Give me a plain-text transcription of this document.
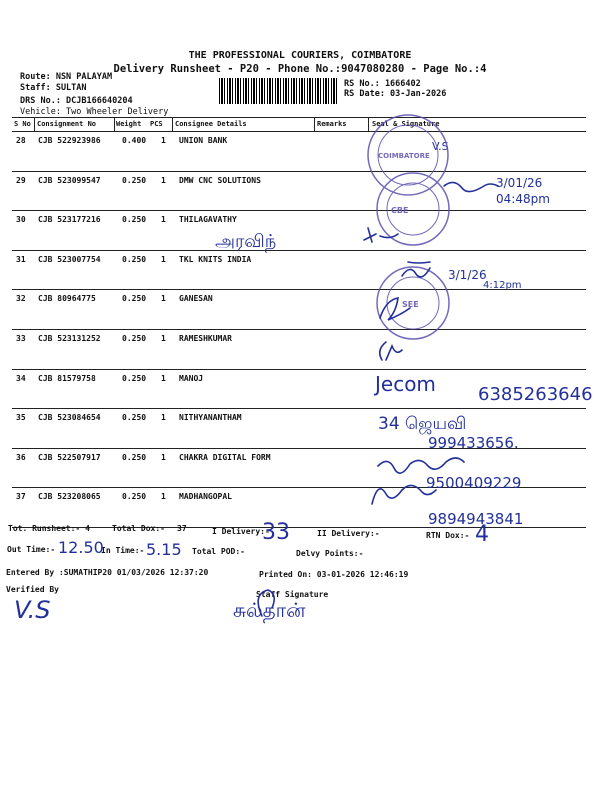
THE PROFESSIONAL COURIERS, COIMBATORE
Delivery Runsheet - P20 - Phone No.:9047080280 - Page No.:4
Route: NSN PALAYAM
Staff: SULTAN
DRS No.: DCJB166640204
Vehicle: Two Wheeler Delivery
RS No.: 1666402
RS Date: 03-Jan-2026
S No Consignment No	Weight PCS Consignee Details	Remarks	Seal & Signature
28 CJB 522923986	0.400 1 UNION BANK
29 CJB 523099547	0.250 1 DMW CNC SOLUTIONS
30 CJB 523177216	0.250 1 THILAGAVATHY
31 CJB 523007754	0.250 1 TKL KNITS INDIA
32 CJB 80964775	0.250 1 GANESAN
33 CJB 523131252	0.250 1 RAMESHKUMAR
34 CJB 81579758	0.250 1 MANOJ
35 CJB 523084654	0.250 1 NITHYANANTHAM
36 CJB 522507917	0.250 1 CHAKRA DIGITAL FORM
37 CJB 523208065	0.250 1 MADHANGOPAL
Tot. Runsheet:- 4	Total Dox:- 37	I Delivery:-	II Delivery:-	RTN Dox:-
Out Time:-	In Time:-	Total POD:-	Delvy Points:-
Entered By :SUMATHIP20 01/03/2026 12:37:20	Printed On: 03-01-2026 12:46:19
Verified By
Staff Signature
33	4
12.50	5.15
V.S	சுல்தான்
V.S
3/01/26
04:48pm
அரவிந்
3/1/26
4:12pm
Jecom 6385263646
34 ஜெயவி
999433656.
9500409229
9894943841
COIMBATORE
CBE
SEE
